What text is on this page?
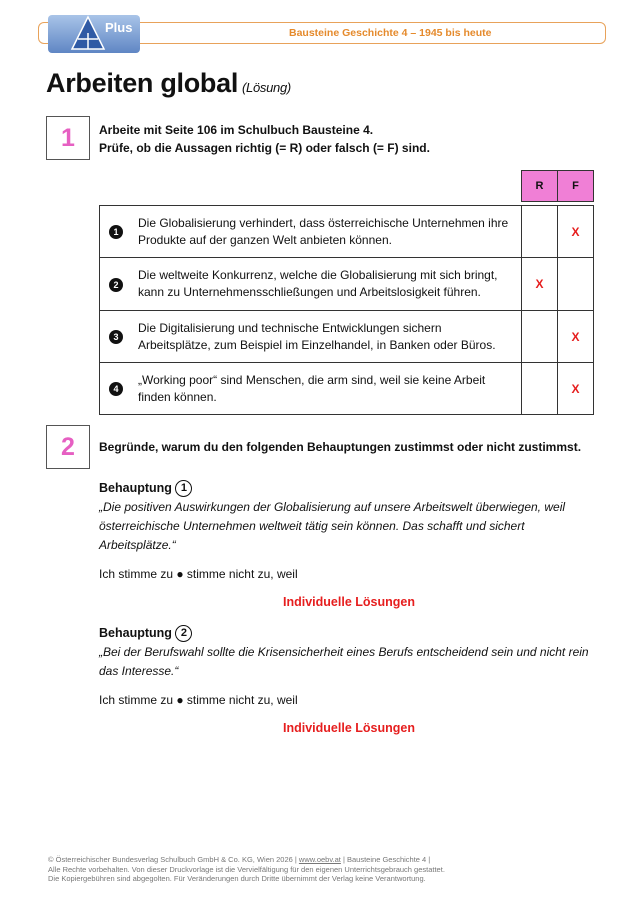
Bausteine Geschichte 4 – 1945 bis heute
Plus
Arbeiten global (Lösung)
1	Arbeite mit Seite 106 im Schulbuch Bausteine 4.
Prüfe, ob die Aussagen richtig (= R) oder falsch (= F) sind.
		R	F

1	Die Globalisierung verhindert, dass österreichische Unternehmen ihre Produkte auf der ganzen Welt anbieten können.		X
2	Die weltweite Konkurrenz, welche die Globalisierung mit sich bringt, kann zu Unternehmensschließungen und Arbeitslosigkeit führen.	X	
3	Die Digitalisierung und technische Entwicklungen sichern Arbeitsplätze, zum Beispiel im Einzelhandel, in Banken oder Büros.		X
4	„Working poor“ sind Menschen, die arm sind, weil sie keine Arbeit finden können.		X
2	Begründe, warum du den folgenden Behauptungen zustimmst oder nicht zustimmst.
Behauptung 1
„Die positiven Auswirkungen der Globalisierung auf unsere Arbeitswelt überwiegen, weil österreichische Unternehmen weltweit tätig sein können. Das schafft und sichert Arbeitsplätze.“
Ich stimme zu ● stimme nicht zu, weil
Individuelle Lösungen
Behauptung 2
„Bei der Berufswahl sollte die Krisensicherheit eines Berufs entscheidend sein und nicht rein das Interesse.“
Ich stimme zu ● stimme nicht zu, weil
Individuelle Lösungen
© Österreichischer Bundesverlag Schulbuch GmbH & Co. KG, Wien 2026 | www.oebv.at | Bausteine Geschichte 4 |
Alle Rechte vorbehalten. Von dieser Druckvorlage ist die Vervielfältigung für den eigenen Unterrichtsgebrauch gestattet.
Die Kopiergebühren sind abgegolten. Für Veränderungen durch Dritte übernimmt der Verlag keine Verantwortung.
